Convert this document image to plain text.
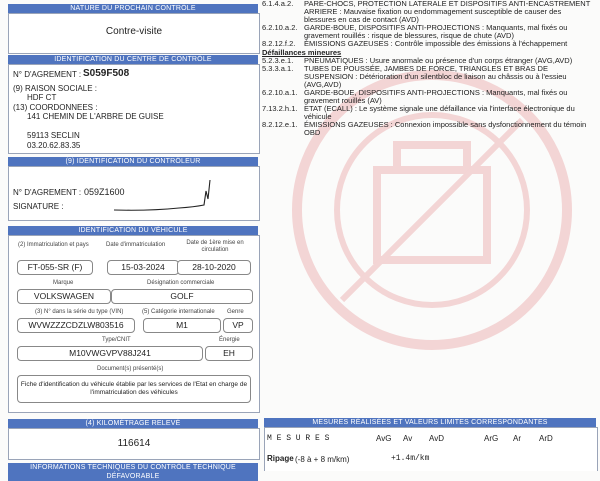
NATURE DU PROCHAIN CONTRÔLE
Contre-visite
IDENTIFICATION DU CENTRE DE CONTRÔLE
N° D'AGREMENT : S059F508
(9) RAISON SOCIALE :
HDF CT
(13) COORDONNEES :
141 CHEMIN DE L'ARBRE DE GUISE
59113 SECLIN
03.20.62.83.35
(9) IDENTIFICATION DU CONTRÔLEUR
N° D'AGREMENT : 059Z1600
SIGNATURE :
IDENTIFICATION DU VÉHICULE
(2) Immatriculation et pays	Date d'immatriculation	Date de 1ère mise en circulation
FT-055-SR (F)	15-03-2024	28-10-2020
Marque	Désignation commerciale
VOLKSWAGEN	GOLF
(3) N° dans la série du type (VIN)	(5) Catégorie internationale Genre
WVWZZZCDZLW803516	M1	VP
Type/CNIT	Énergie
M10VWGVPV88J241	EH
Document(s) présenté(s)
Fiche d'identification du véhicule établie par les services de l'Etat en charge de l'immatriculation des véhicules
(4) KILOMÉTRAGE RELEVÉ
116614
INFORMATIONS TECHNIQUES DU CONTRÔLE TECHNIQUE DÉFAVORABLE
6.1.4.a.2. PARE-CHOCS, PROTECTION LATERALE ET DISPOSITIFS ANTI-ENCASTREMENT ARRIERE : Mauvaise fixation ou endommagement susceptible de causer des blessures en cas de contact (AVD)
6.2.10.a.2. GARDE-BOUE, DISPOSITIFS ANTI-PROJECTIONS : Manquants, mal fixés ou gravement rouillés : risque de blessures, risque de chute (AVD)
8.2.12.f.2. ÉMISSIONS GAZEUSES : Contrôle impossible des émissions à l'échappement
Défaillances mineures
5.2.3.e.1. PNEUMATIQUES : Usure anormale ou présence d'un corps étranger (AVG,AVD)
5.3.3.a.1. TUBES DE POUSSÉE, JAMBES DE FORCE, TRIANGLES ET BRAS DE SUSPENSION : Détérioration d'un silentbloc de liaison au châssis ou à l'essieu (AVG,AVD)
6.2.10.a.1. GARDE-BOUE, DISPOSITIFS ANTI-PROJECTIONS : Manquants, mal fixés ou gravement rouillés (AV)
7.13.2.h.1. ETAT (ECALL) : Le système signale une défaillance via l'interface électronique du véhicule
8.2.12.e.1. ÉMISSIONS GAZEUSES : Connexion impossible sans dysfonctionnement du témoin OBD
MESURES RÉALISÉES ET VALEURS LIMITES CORRESPONDANTES
M E S U R E S	AvG Av AvD	ArG Ar ArD
Ripage (-8 à + 8 m/km)	+1.4m/km
